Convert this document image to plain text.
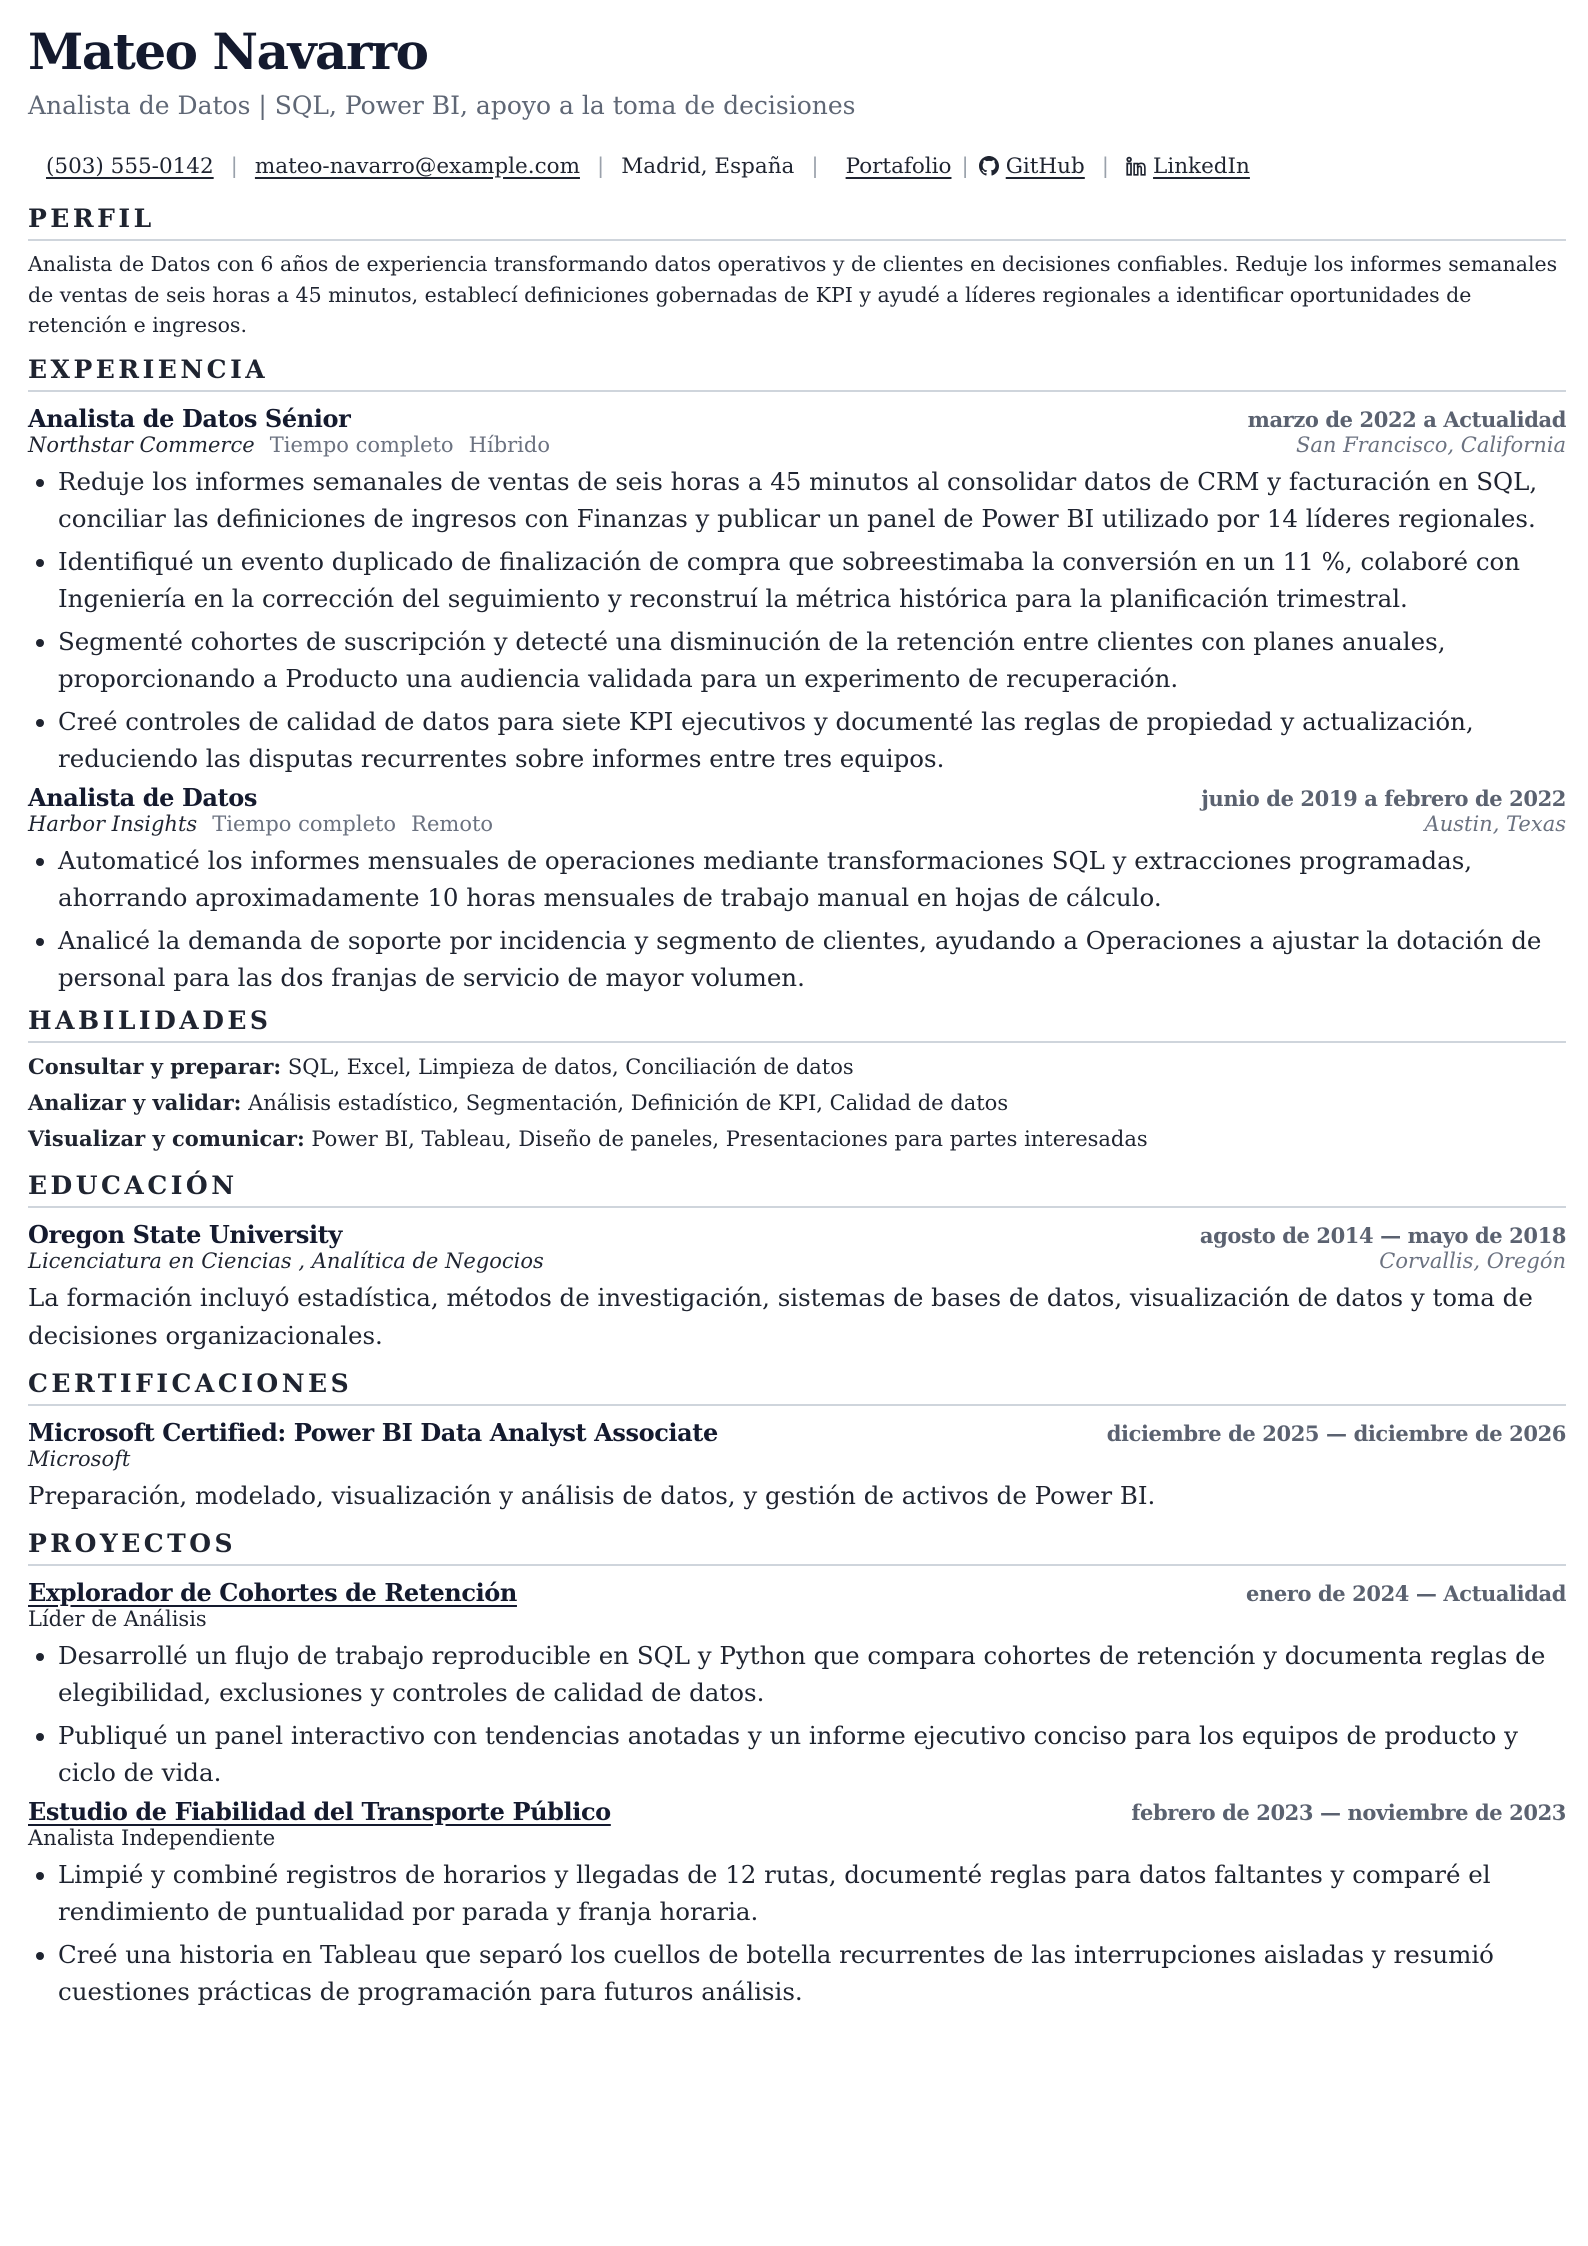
Mateo Navarro
Analista de Datos | SQL, Power BI, apoyo a la toma de decisiones
(503) 555-0142 | mateo-navarro@example.com | Madrid, España | Portafolio | GitHub | LinkedIn
PERFIL
Analista de Datos con 6 años de experiencia transformando datos operativos y de clientes en decisiones confiables. Reduje los informes semanales de ventas de seis horas a 45 minutos, establecí definiciones gobernadas de KPI y ayudé a líderes regionales a identificar oportunidades de retención e ingresos.
EXPERIENCIA
Analista de Datos Sénior	marzo de 2022 a Actualidad
Northstar Commerce Tiempo completo Híbrido	San Francisco, California
• Reduje los informes semanales de ventas de seis horas a 45 minutos al consolidar datos de CRM y facturación en SQL, conciliar las definiciones de ingresos con Finanzas y publicar un panel de Power BI utilizado por 14 líderes regionales.
• Identifiqué un evento duplicado de finalización de compra que sobreestimaba la conversión en un 11 %, colaboré con Ingeniería en la corrección del seguimiento y reconstruí la métrica histórica para la planificación trimestral.
• Segmenté cohortes de suscripción y detecté una disminución de la retención entre clientes con planes anuales, proporcionando a Producto una audiencia validada para un experimento de recuperación.
• Creé controles de calidad de datos para siete KPI ejecutivos y documenté las reglas de propiedad y actualización, reduciendo las disputas recurrentes sobre informes entre tres equipos.
Analista de Datos	junio de 2019 a febrero de 2022
Harbor Insights Tiempo completo Remoto	Austin, Texas
• Automaticé los informes mensuales de operaciones mediante transformaciones SQL y extracciones programadas, ahorrando aproximadamente 10 horas mensuales de trabajo manual en hojas de cálculo.
• Analicé la demanda de soporte por incidencia y segmento de clientes, ayudando a Operaciones a ajustar la dotación de personal para las dos franjas de servicio de mayor volumen.
HABILIDADES
Consultar y preparar: SQL, Excel, Limpieza de datos, Conciliación de datos
Analizar y validar: Análisis estadístico, Segmentación, Definición de KPI, Calidad de datos
Visualizar y comunicar: Power BI, Tableau, Diseño de paneles, Presentaciones para partes interesadas
EDUCACIÓN
Oregon State University	agosto de 2014 — mayo de 2018
Licenciatura en Ciencias , Analítica de Negocios	Corvallis, Oregón
La formación incluyó estadística, métodos de investigación, sistemas de bases de datos, visualización de datos y toma de decisiones organizacionales.
CERTIFICACIONES
Microsoft Certified: Power BI Data Analyst Associate	diciembre de 2025 — diciembre de 2026
Microsoft
Preparación, modelado, visualización y análisis de datos, y gestión de activos de Power BI.
PROYECTOS
Explorador de Cohortes de Retención	enero de 2024 — Actualidad
Líder de Análisis
• Desarrollé un flujo de trabajo reproducible en SQL y Python que compara cohortes de retención y documenta reglas de elegibilidad, exclusiones y controles de calidad de datos.
• Publiqué un panel interactivo con tendencias anotadas y un informe ejecutivo conciso para los equipos de producto y ciclo de vida.
Estudio de Fiabilidad del Transporte Público	febrero de 2023 — noviembre de 2023
Analista Independiente
• Limpié y combiné registros de horarios y llegadas de 12 rutas, documenté reglas para datos faltantes y comparé el rendimiento de puntualidad por parada y franja horaria.
• Creé una historia en Tableau que separó los cuellos de botella recurrentes de las interrupciones aisladas y resumió cuestiones prácticas de programación para futuros análisis.
